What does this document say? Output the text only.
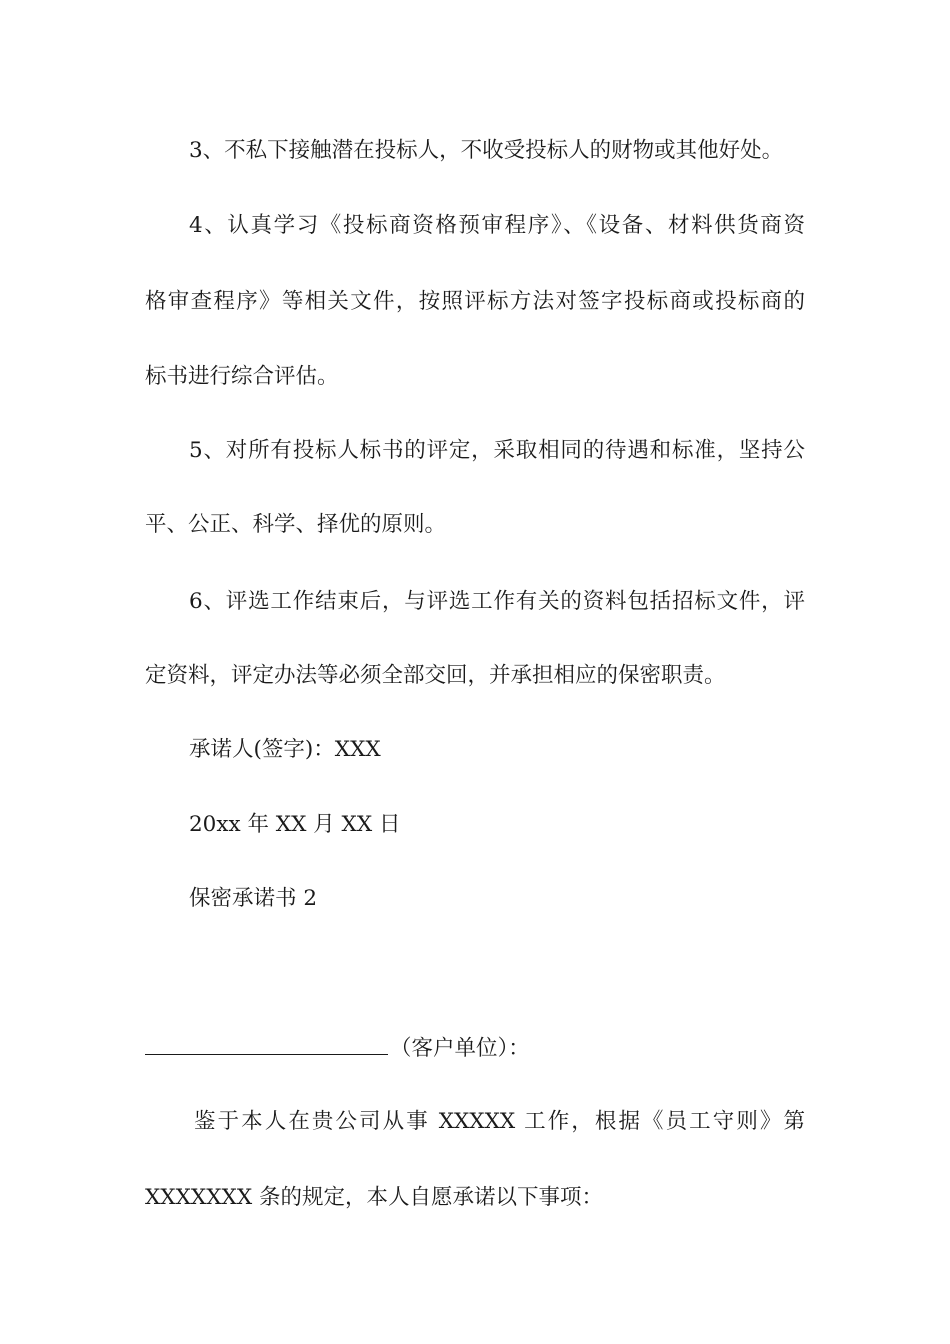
3、不私下接触潜在投标人，不收受投标人的财物或其他好处。
4、认真学习《投标商资格预审程序》、《设备、材料供货商资
格审查程序》等相关文件，按照评标方法对签字投标商或投标商的
标书进行综合评估。
5、对所有投标人标书的评定，采取相同的待遇和标准，坚持公
平、公正、科学、择优的原则。
6、评选工作结束后，与评选工作有关的资料包括招标文件，评
定资料，评定办法等必须全部交回，并承担相应的保密职责。
承诺人(签字)：XXX
20xx 年 XX 月 XX 日
保密承诺书 2
（客户单位）：
鉴于本人在贵公司从事 XXXXX 工作，根据《员工守则》第
XXXXXXX 条的规定，本人自愿承诺以下事项：
